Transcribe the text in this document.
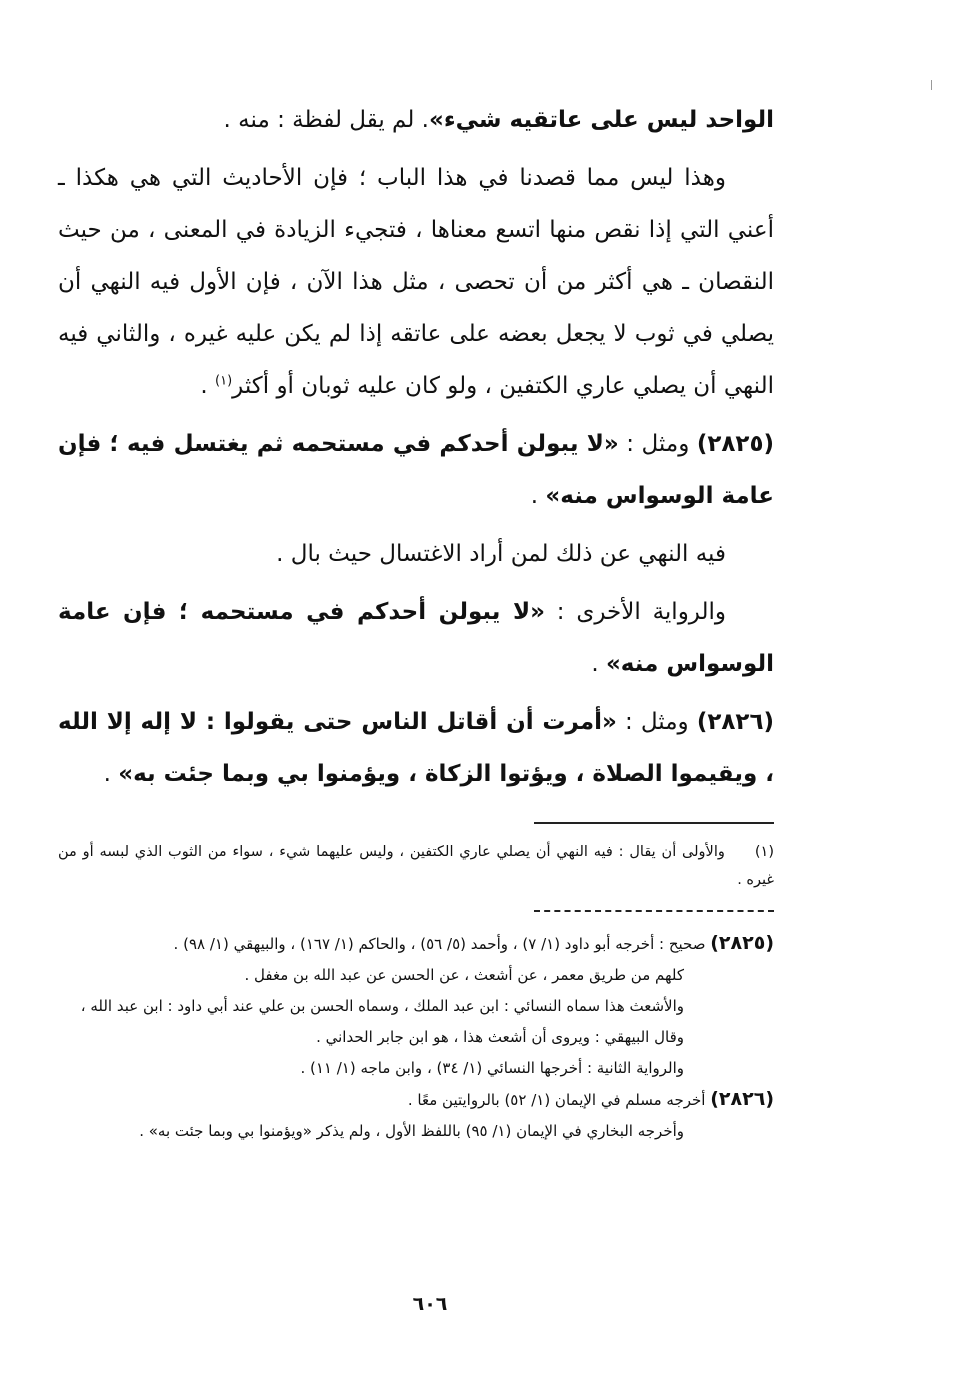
الواحد ليس على عاتقيه شيء». لم يقل لفظة : منه .

وهذا ليس مما قصدنا في هذا الباب ؛ فإن الأحاديث التي هي هكذا ـ أعني التي إذا نقص منها اتسع معناها ، فتجيء الزيادة في المعنى ، من حيث النقصان ـ هي أكثر من أن تحصى ، مثل هذا الآن ، فإن الأول فيه النهي أن يصلي في ثوب لا يجعل بعضه على عاتقه إذا لم يكن عليه غيره ، والثاني فيه النهي أن يصلي عاري الكتفين ، ولو كان عليه ثوبان أو أكثر$^{(١)}$ .

(٢٨٢٥) ومثل : «لا يبولن أحدكم في مستحمه ثم يغتسل فيه ؛ فإن عامة الوسواس منه» .

فيه النهي عن ذلك لمن أراد الاغتسال حيث بال .

والرواية الأخرى : «لا يبولن أحدكم في مستحمه ؛ فإن عامة الوسواس منه» .

(٢٨٢٦) ومثل : «أمرت أن أقاتل الناس حتى يقولوا : لا إله إلا الله ، ويقيموا الصلاة ، ويؤتوا الزكاة ، ويؤمنوا بي وبما جئت به» .

(١)والأولى أن يقال : فيه النهي أن يصلي عاري الكتفين ، وليس عليهما شيء ، سواء من الثوب الذي لبسه أو من غيره .

(٢٨٢٥) صحيح : أخرجه أبو داود (١/ ٧) ، وأحمد (٥/ ٥٦) ، والحاكم (١/ ١٦٧) ، والبيهقي (١/ ٩٨) .

كلهم من طريق معمر ، عن أشعث ، عن الحسن عن عبد الله بن مغفل .

والأشعث هذا سماه النسائي : ابن عبد الملك ، وسماه الحسن بن علي عند أبي داود : ابن عبد الله ،

وقال البيهقي : ويروى أن أشعث هذا ، هو ابن جابر الحداني .

والرواية الثانية : أخرجها النسائي (١/ ٣٤) ، وابن ماجه (١/ ١١) .

(٢٨٢٦) أخرجه مسلم في الإيمان (١/ ٥٢) بالروايتين معًا .

وأخرجه البخاري في الإيمان (١/ ٩٥) باللفظ الأول ، ولم يذكر «ويؤمنوا بي وبما جئت به» .

٦٠٦
